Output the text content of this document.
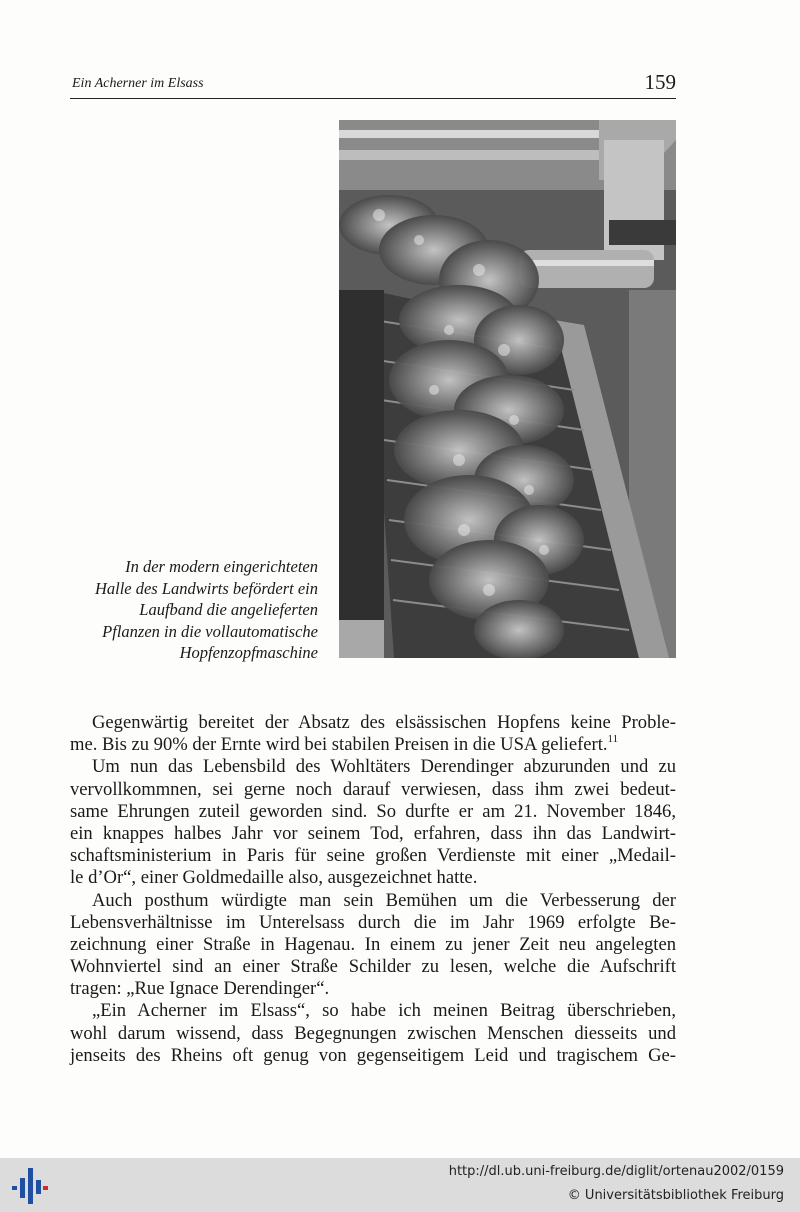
Ein Acherner im Elsass	159
In der modern eingerichteten
Halle des Landwirts befördert ein
Laufband die angelieferten
Pflanzen in die vollautomatische
Hopfenzopfmaschine
Gegenwärtig bereitet der Absatz des elsässischen Hopfens keine Proble-
me. Bis zu 90% der Ernte wird bei stabilen Preisen in die USA geliefert.$^{11}$
Um nun das Lebensbild des Wohltäters Derendinger abzurunden und zu
vervollkommnen, sei gerne noch darauf verwiesen, dass ihm zwei bedeut-
same Ehrungen zuteil geworden sind. So durfte er am 21. November 1846,
ein knappes halbes Jahr vor seinem Tod, erfahren, dass ihn das Landwirt-
schaftsministerium in Paris für seine großen Verdienste mit einer „Medail-
le d’Or“, einer Goldmedaille also, ausgezeichnet hatte.
Auch posthum würdigte man sein Bemühen um die Verbesserung der
Lebensverhältnisse im Unterelsass durch die im Jahr 1969 erfolgte Be-
zeichnung einer Straße in Hagenau. In einem zu jener Zeit neu angelegten
Wohnviertel sind an einer Straße Schilder zu lesen, welche die Aufschrift
tragen: „Rue Ignace Derendinger“.
„Ein Acherner im Elsass“, so habe ich meinen Beitrag überschrieben,
wohl darum wissend, dass Begegnungen zwischen Menschen diesseits und
jenseits des Rheins oft genug von gegenseitigem Leid und tragischem Ge-
http://dl.ub.uni-freiburg.de/diglit/ortenau2002/0159
© Universitätsbibliothek Freiburg
